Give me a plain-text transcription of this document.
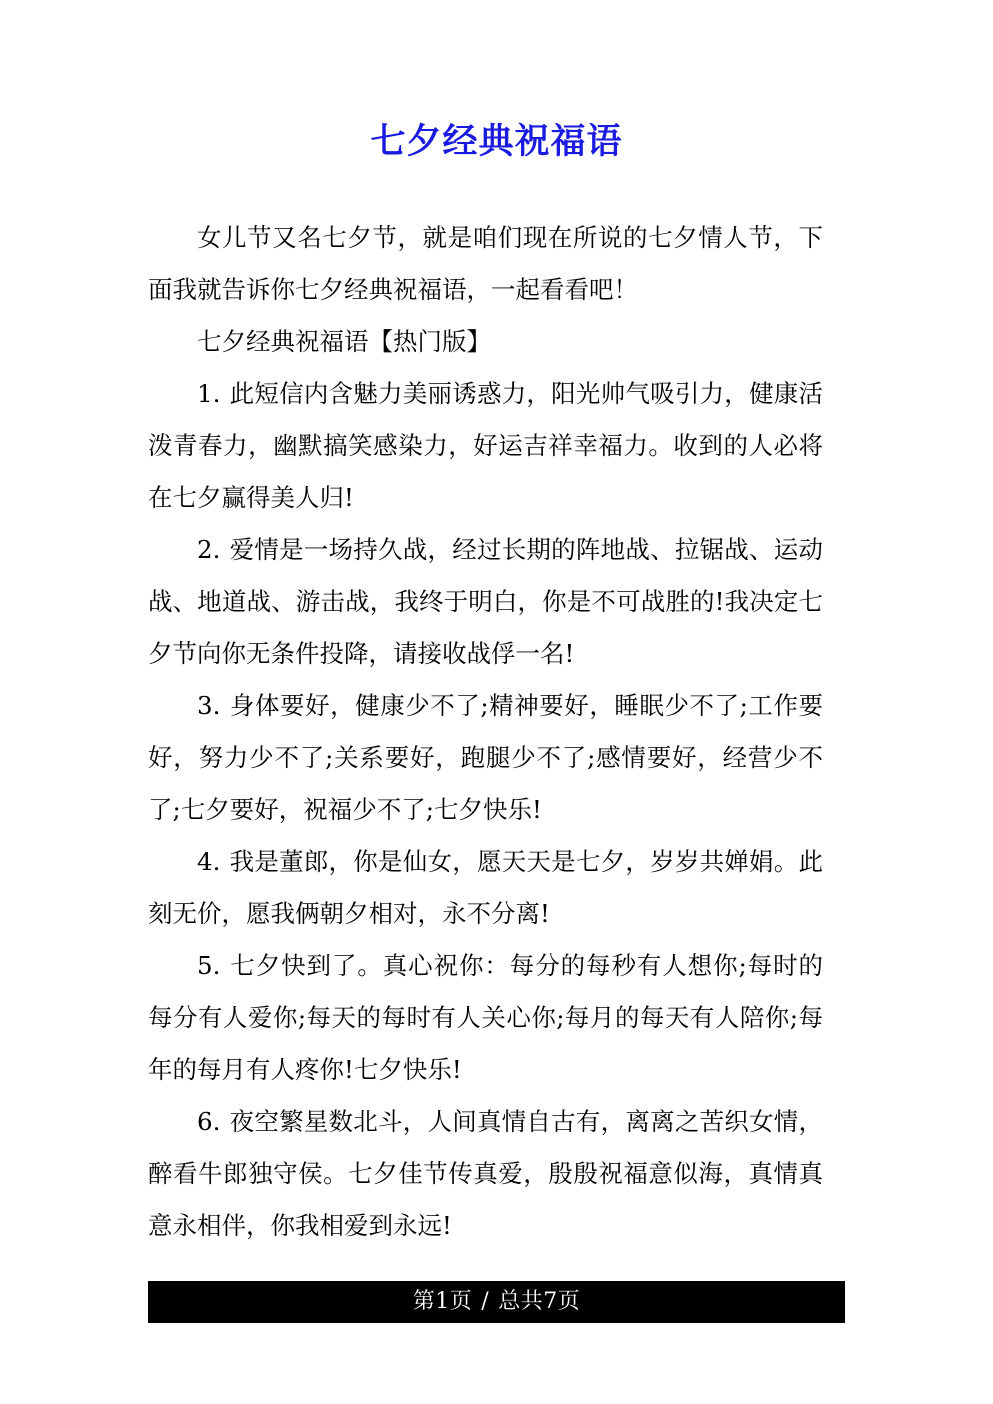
七夕经典祝福语

女儿节又名七夕节，就是咱们现在所说的七夕情人节，下面我就告诉你七夕经典祝福语，一起看看吧！

七夕经典祝福语【热门版】

1. 此短信内含魅力美丽诱惑力，阳光帅气吸引力，健康活泼青春力，幽默搞笑感染力，好运吉祥幸福力。收到的人必将在七夕赢得美人归!

2. 爱情是一场持久战，经过长期的阵地战、拉锯战、运动战、地道战、游击战，我终于明白，你是不可战胜的!我决定七夕节向你无条件投降，请接收战俘一名!

3. 身体要好，健康少不了;精神要好，睡眠少不了;工作要好，努力少不了;关系要好，跑腿少不了;感情要好，经营少不了;七夕要好，祝福少不了;七夕快乐!

4. 我是董郎，你是仙女，愿天天是七夕，岁岁共婵娟。此刻无价，愿我俩朝夕相对，永不分离!

5. 七夕快到了。真心祝你：每分的每秒有人想你;每时的每分有人爱你;每天的每时有人关心你;每月的每天有人陪你;每年的每月有人疼你!七夕快乐!

6. 夜空繁星数北斗，人间真情自古有，离离之苦织女情，醉看牛郎独守侯。七夕佳节传真爱，殷殷祝福意似海，真情真意永相伴，你我相爱到永远!

第1页 / 总共7页
